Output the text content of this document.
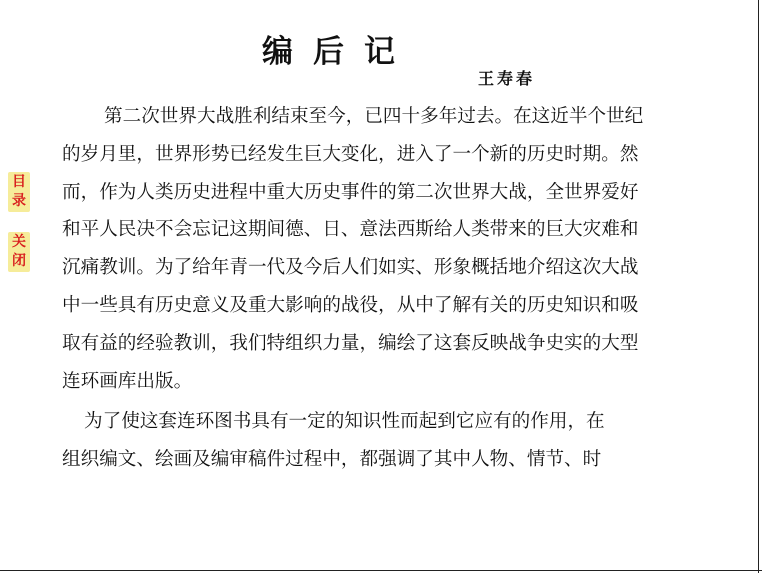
编后记
王寿春
目
录
关
闭
第二次世界大战胜利结束至今，已四十多年过去。在这近半个世纪
的岁月里，世界形势已经发生巨大变化，进入了一个新的历史时期。然
而，作为人类历史进程中重大历史事件的第二次世界大战，全世界爱好
和平人民决不会忘记这期间德、日、意法西斯给人类带来的巨大灾难和
沉痛教训。为了给年青一代及今后人们如实、形象概括地介绍这次大战
中一些具有历史意义及重大影响的战役，从中了解有关的历史知识和吸
取有益的经验教训，我们特组织力量，编绘了这套反映战争史实的大型
连环画库出版。
为了使这套连环图书具有一定的知识性而起到它应有的作用，在
组织编文、绘画及编审稿件过程中，都强调了其中人物、情节、时
